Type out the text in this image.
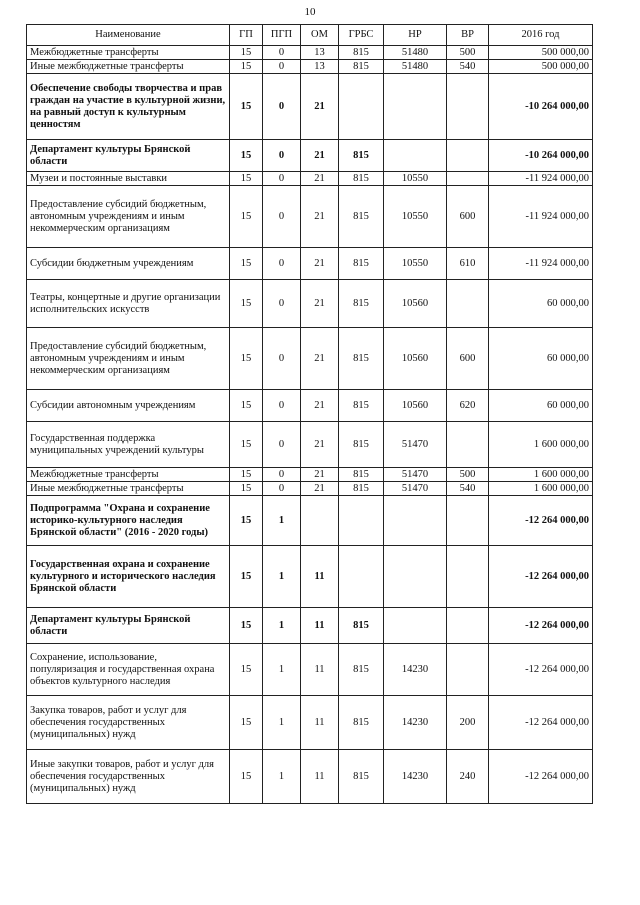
10
Наименование	ГП	ПГП	ОМ	ГРБС	НР	ВР	2016 год
Межбюджетные трансферты	15	0	13	815	51480	500	500 000,00
Иные межбюджетные трансферты	15	0	13	815	51480	540	500 000,00
Обеспечение свободы творчества и прав граждан на участие в культурной жизни, на равный доступ к культурным ценностям	15	0	21				-10 264 000,00
Департамент культуры Брянской области	15	0	21	815			-10 264 000,00
Музеи и постоянные выставки	15	0	21	815	10550		-11 924 000,00
Предоставление субсидий бюджетным, автономным учреждениям и иным некоммерческим организациям	15	0	21	815	10550	600	-11 924 000,00
Субсидии бюджетным учреждениям	15	0	21	815	10550	610	-11 924 000,00
Театры, концертные и другие организации исполнительских искусств	15	0	21	815	10560		60 000,00
Предоставление субсидий бюджетным, автономным учреждениям и иным некоммерческим организациям	15	0	21	815	10560	600	60 000,00
Субсидии автономным учреждениям	15	0	21	815	10560	620	60 000,00
Государственная поддержка муниципальных учреждений культуры	15	0	21	815	51470		1 600 000,00
Межбюджетные трансферты	15	0	21	815	51470	500	1 600 000,00
Иные межбюджетные трансферты	15	0	21	815	51470	540	1 600 000,00
Подпрограмма "Охрана и сохранение историко-культурного наследия Брянской области" (2016 - 2020 годы)	15	1					-12 264 000,00
Государственная охрана и сохранение культурного и исторического наследия Брянской области	15	1	11				-12 264 000,00
Департамент культуры Брянской области	15	1	11	815			-12 264 000,00
Сохранение, использование, популяризация и государственная охрана объектов культурного наследия	15	1	11	815	14230		-12 264 000,00
Закупка товаров, работ и услуг для обеспечения государственных (муниципальных) нужд	15	1	11	815	14230	200	-12 264 000,00
Иные закупки товаров, работ и услуг для обеспечения государственных (муниципальных) нужд	15	1	11	815	14230	240	-12 264 000,00
